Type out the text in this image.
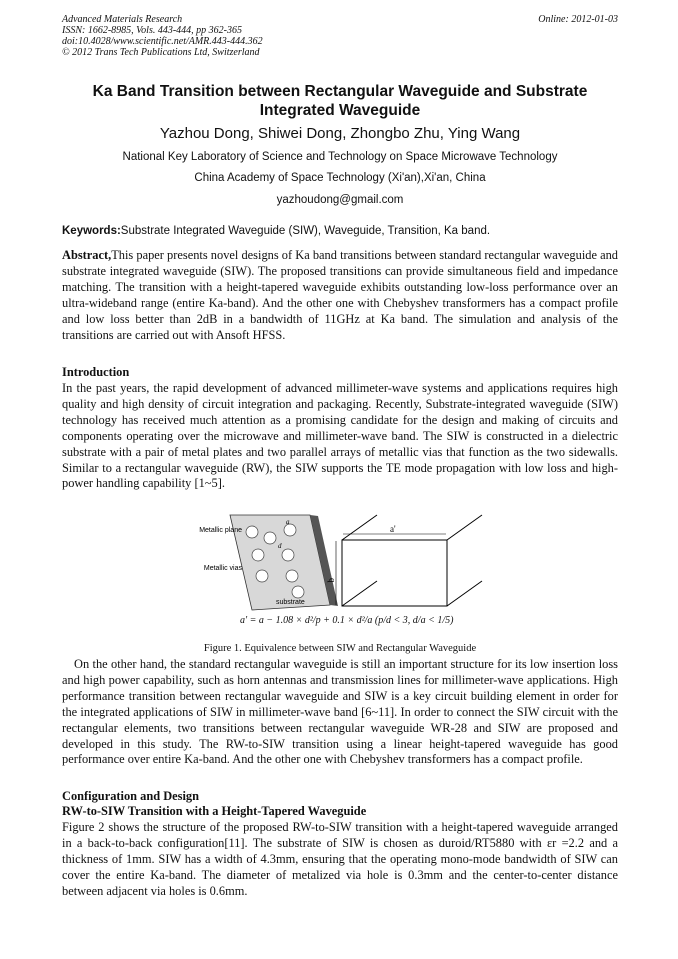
Advanced Materials Research
ISSN: 1662-8985, Vols. 443-444, pp 362-365
doi:10.4028/www.scientific.net/AMR.443-444.362
© 2012 Trans Tech Publications Ltd, Switzerland
Online: 2012-01-03
Ka Band Transition between Rectangular Waveguide and Substrate
Integrated Waveguide
Yazhou Dong, Shiwei Dong, Zhongbo Zhu, Ying Wang
National Key Laboratory of Science and Technology on Space Microwave Technology
China Academy of Space Technology (Xi'an),Xi'an, China
yazhoudong@gmail.com
Keywords:Substrate Integrated Waveguide (SIW), Waveguide, Transition, Ka band.
Abstract,This paper presents novel designs of Ka band transitions between standard rectangular waveguide and substrate integrated waveguide (SIW). The proposed transitions can provide simultaneous field and impedance matching. The transition with a height-tapered waveguide exhibits outstanding low-loss performance over an ultra-wideband range (entire Ka-band). And the other one with Chebyshev transformers has a compact profile and low loss better than 2dB in a bandwidth of 11GHz at Ka band. The simulation and analysis of the transitions are carried out with Ansoft HFSS.
Introduction
In the past years, the rapid development of advanced millimeter-wave systems and applications requires high quality and high density of circuit integration and packaging. Recently, Substrate-integrated waveguide (SIW) technology has received much attention as a promising candidate for the design and making of circuits and components operating over the microwave and millimeter-wave band. The SIW is constructed in a dielectric substrate with a pair of metal plates and two parallel arrays of metallic vias that function as the two sidewalls. Similar to a rectangular waveguide (RW), the SIW supports the TE mode propagation with low loss and high-power handling capability [1~5].
Metallic plane
Metallic vias
substrate
a
d
a'
b
a' = a − 1.08 × d²/p + 0.1 × d²/a (p/d < 3, d/a < 1/5)
Figure 1. Equivalence between SIW and Rectangular Waveguide
On the other hand, the standard rectangular waveguide is still an important structure for its low insertion loss and high power capability, such as horn antennas and transmission lines for millimeter-wave applications. High performance transition between rectangular waveguide and SIW is a key circuit building element in order for the integrated applications of SIW in millimeter-wave band [6~11]. In order to connect the SIW circuit with the rectangular elements, two transitions between rectangular waveguide WR-28 and SIW are proposed and developed in this study. The RW-to-SIW transition using a linear height-tapered waveguide has good performance over entire Ka-band. And the other one with Chebyshev transformers has a compact profile.
Configuration and Design
RW-to-SIW Transition with a Height-Tapered Waveguide
Figure 2 shows the structure of the proposed RW-to-SIW transition with a height-tapered waveguide arranged in a back-to-back configuration[11]. The substrate of SIW is chosen as duroid/RT5880 with εr =2.2 and a thickness of 1mm. SIW has a width of 4.3mm, ensuring that the operating mono-mode bandwidth of SIW can cover the entire Ka-band. The diameter of metalized via hole is 0.3mm and the center-to-center distance between adjacent via holes is 0.6mm.
